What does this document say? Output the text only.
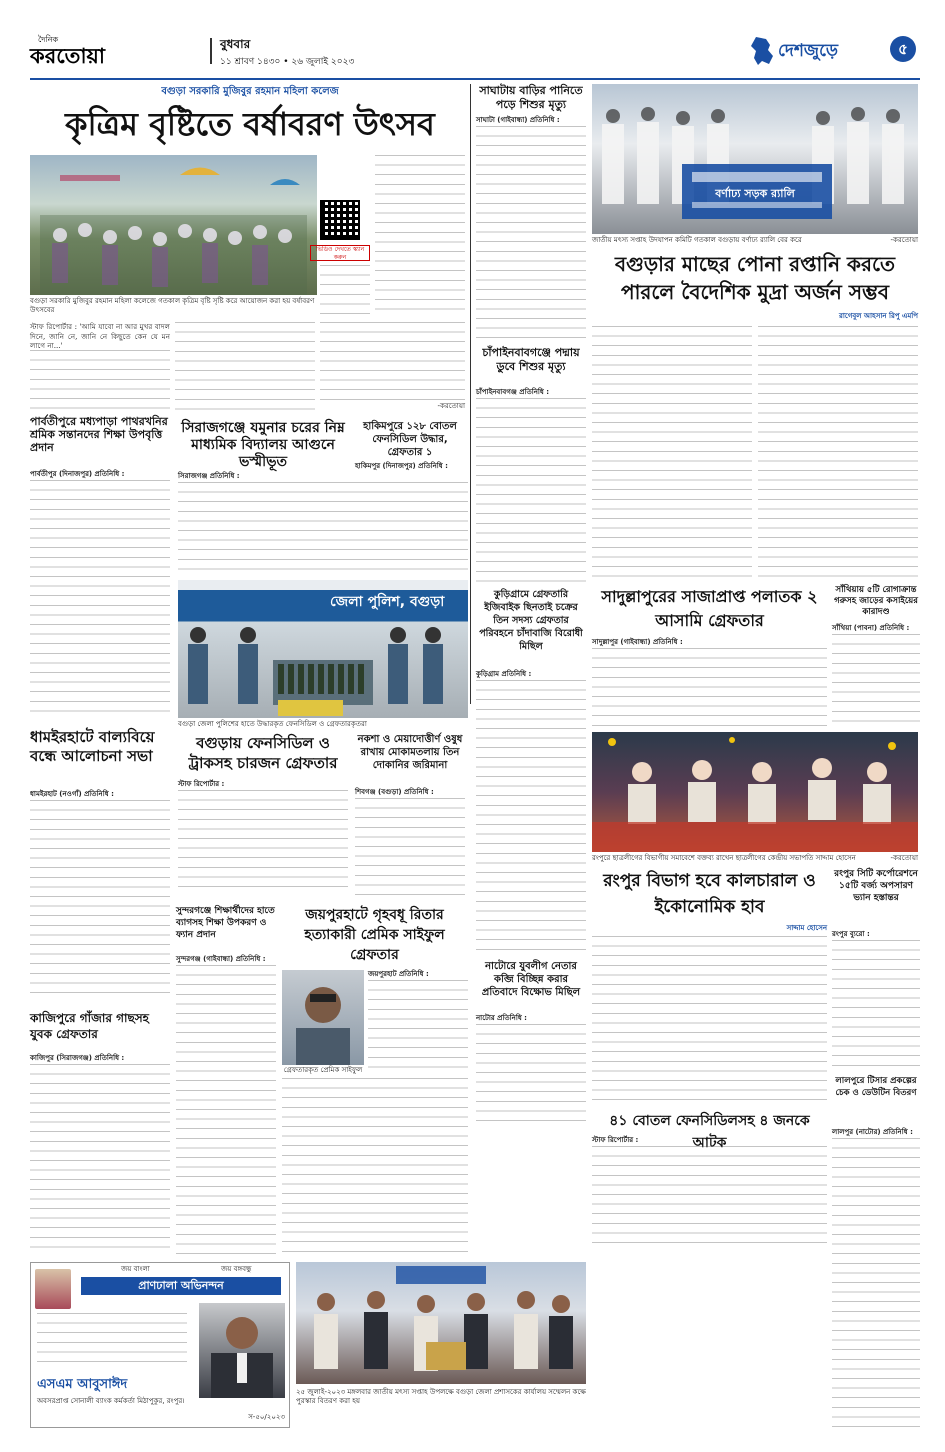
দৈনিক
করতোয়া	বুধবার
১১ শ্রাবণ ১৪৩০ • ২৬ জুলাই ২০২৩
দেশজুড়ে	৫
বগুড়া সরকারি মুজিবুর রহমান মহিলা কলেজ
কৃত্রিম বৃষ্টিতে বর্ষাবরণ উৎসব
বগুড়া সরকারি মুজিবুর রহমান মহিলা কলেজে গতকাল কৃত্রিম বৃষ্টি সৃষ্টি করে আয়োজন করা হয় বর্ষাবরণ উৎসবের
ভিডিও দেখতে স্ক্যান করুন
স্টাফ রিপোর্টার : 'আমি যাবো না আর মুখর বাদল দিনে, জানি নে, জানি নে কিছুতে কেন যে মন লাগে না...'
-করতোয়া
সাঘাটায় বাড়ির পানিতে পড়ে শিশুর মৃত্যু
সাঘাটা (গাইবান্ধা) প্রতিনিধি :
চাঁপাইনবাবগঞ্জে পদ্মায় ডুবে শিশুর মৃত্যু
চাঁপাইনবাবগঞ্জ প্রতিনিধি :
বর্ণাঢ্য সড়ক র‍্যালি
জাতীয় মৎস্য সপ্তাহ উদযাপন কমিটি গতকাল বগুড়ায় বর্ণাঢ্য র‍্যালি বের করে	-করতোয়া
বগুড়ার মাছের পোনা রপ্তানি করতে পারলে বৈদেশিক মুদ্রা অর্জন সম্ভব
রাগেবুল আহসান রিপু এমপি
পার্বতীপুরে মধ্যপাড়া পাথরখনির শ্রমিক সন্তানদের শিক্ষা উপবৃত্তি প্রদান
পার্বতীপুর (দিনাজপুর) প্রতিনিধি :
সিরাজগঞ্জে যমুনার চরের নিম্ন মাধ্যমিক বিদ্যালয় আগুনে ভস্মীভূত
সিরাজগঞ্জ প্রতিনিধি :
হাকিমপুরে ১২৮ বোতল ফেনসিডিল উদ্ধার, গ্রেফতার ১
হাকিমপুর (দিনাজপুর) প্রতিনিধি :
জেলা পুলিশ, বগুড়া
বগুড়া জেলা পুলিশের হাতে উদ্ধারকৃত ফেনসিডিল ও গ্রেফতারকৃতরা
বগুড়ায় ফেনসিডিল ও ট্রাকসহ চারজন গ্রেফতার
স্টাফ রিপোর্টার :
নকশা ও মেয়াদোত্তীর্ণ ওষুধ রাখায় মোকামতলায় তিন দোকানির জরিমানা
শিবগঞ্জ (বগুড়া) প্রতিনিধি :
ধামইরহাটে বাল্যবিয়ে বন্ধে আলোচনা সভা
ধামইরহাট (নওগাঁ) প্রতিনিধি :
কাজিপুরে গাঁজার গাছসহ যুবক গ্রেফতার
কাজিপুর (সিরাজগঞ্জ) প্রতিনিধি :
সুন্দরগঞ্জে শিক্ষার্থীদের হাতে ব্যাগসহ শিক্ষা উপকরণ ও ফ্যান প্রদান
সুন্দরগঞ্জ (গাইবান্ধা) প্রতিনিধি :
জয়পুরহাটে গৃহবধূ রিতার হত্যাকারী প্রেমিক সাইফুল গ্রেফতার
গ্রেফতারকৃত প্রেমিক সাইফুল
জয়পুরহাট প্রতিনিধি :
কুড়িগ্রামে গ্রেফতারি ইজিবাইক ছিনতাই চক্রের তিন সদস্য গ্রেফতার পরিবহনে চাঁদাবাজি বিরোধী মিছিল
কুড়িগ্রাম প্রতিনিধি :
নাটোরে যুবলীগ নেতার কব্জি বিচ্ছিন্ন করার প্রতিবাদে বিক্ষোভ মিছিল
নাটোর প্রতিনিধি :
সাদুল্লাপুরের সাজাপ্রাপ্ত পলাতক ২ আসামি গ্রেফতার
সাদুল্লাপুর (গাইবান্ধা) প্রতিনিধি :
সাঁথিয়ায় ৫টি রোগাক্রান্ত গরুসহ জাড়ের কসাইয়ের কারাদণ্ড
সাঁথিয়া (পাবনা) প্রতিনিধি :
রংপুরে ছাত্রলীগের বিভাগীয় সমাবেশে বক্তব্য রাখেন ছাত্রলীগের কেন্দ্রীয় সভাপতি সাদ্দাম হোসেন	-করতোয়া
রংপুর বিভাগ হবে কালচারাল ও ইকোনোমিক হাব
সাদ্দাম হোসেন
রংপুর সিটি কর্পোরেশনে ১৫টি বর্জ্য অপসারণ ভ্যান হস্তান্তর
রংপুর ব্যুরো :
লালপুরে টিসার প্রকল্পের চেক ও ডেউটিন বিতরণ
লালপুর (নাটোর) প্রতিনিধি :
৪১ বোতল ফেনসিডিলসহ ৪ জনকে আটক
স্টাফ রিপোর্টার :
জয় বাংলা	জয় বঙ্গবন্ধু
প্রাণঢালা অভিনন্দন
এসএম আবুসাঈদ
অবসরপ্রাপ্ত সোনালী ব্যাংক কর্মকর্তা মিঠাপুকুর, রংপুর।
স-৫০/২০২৩
২৫ জুলাই-২০২৩ মঙ্গলবার জাতীয় মৎস্য সপ্তাহ উপলক্ষে বগুড়া জেলা প্রশাসকের কার্যালয় সম্মেলন কক্ষে পুরস্কার বিতরণ করা হয়
